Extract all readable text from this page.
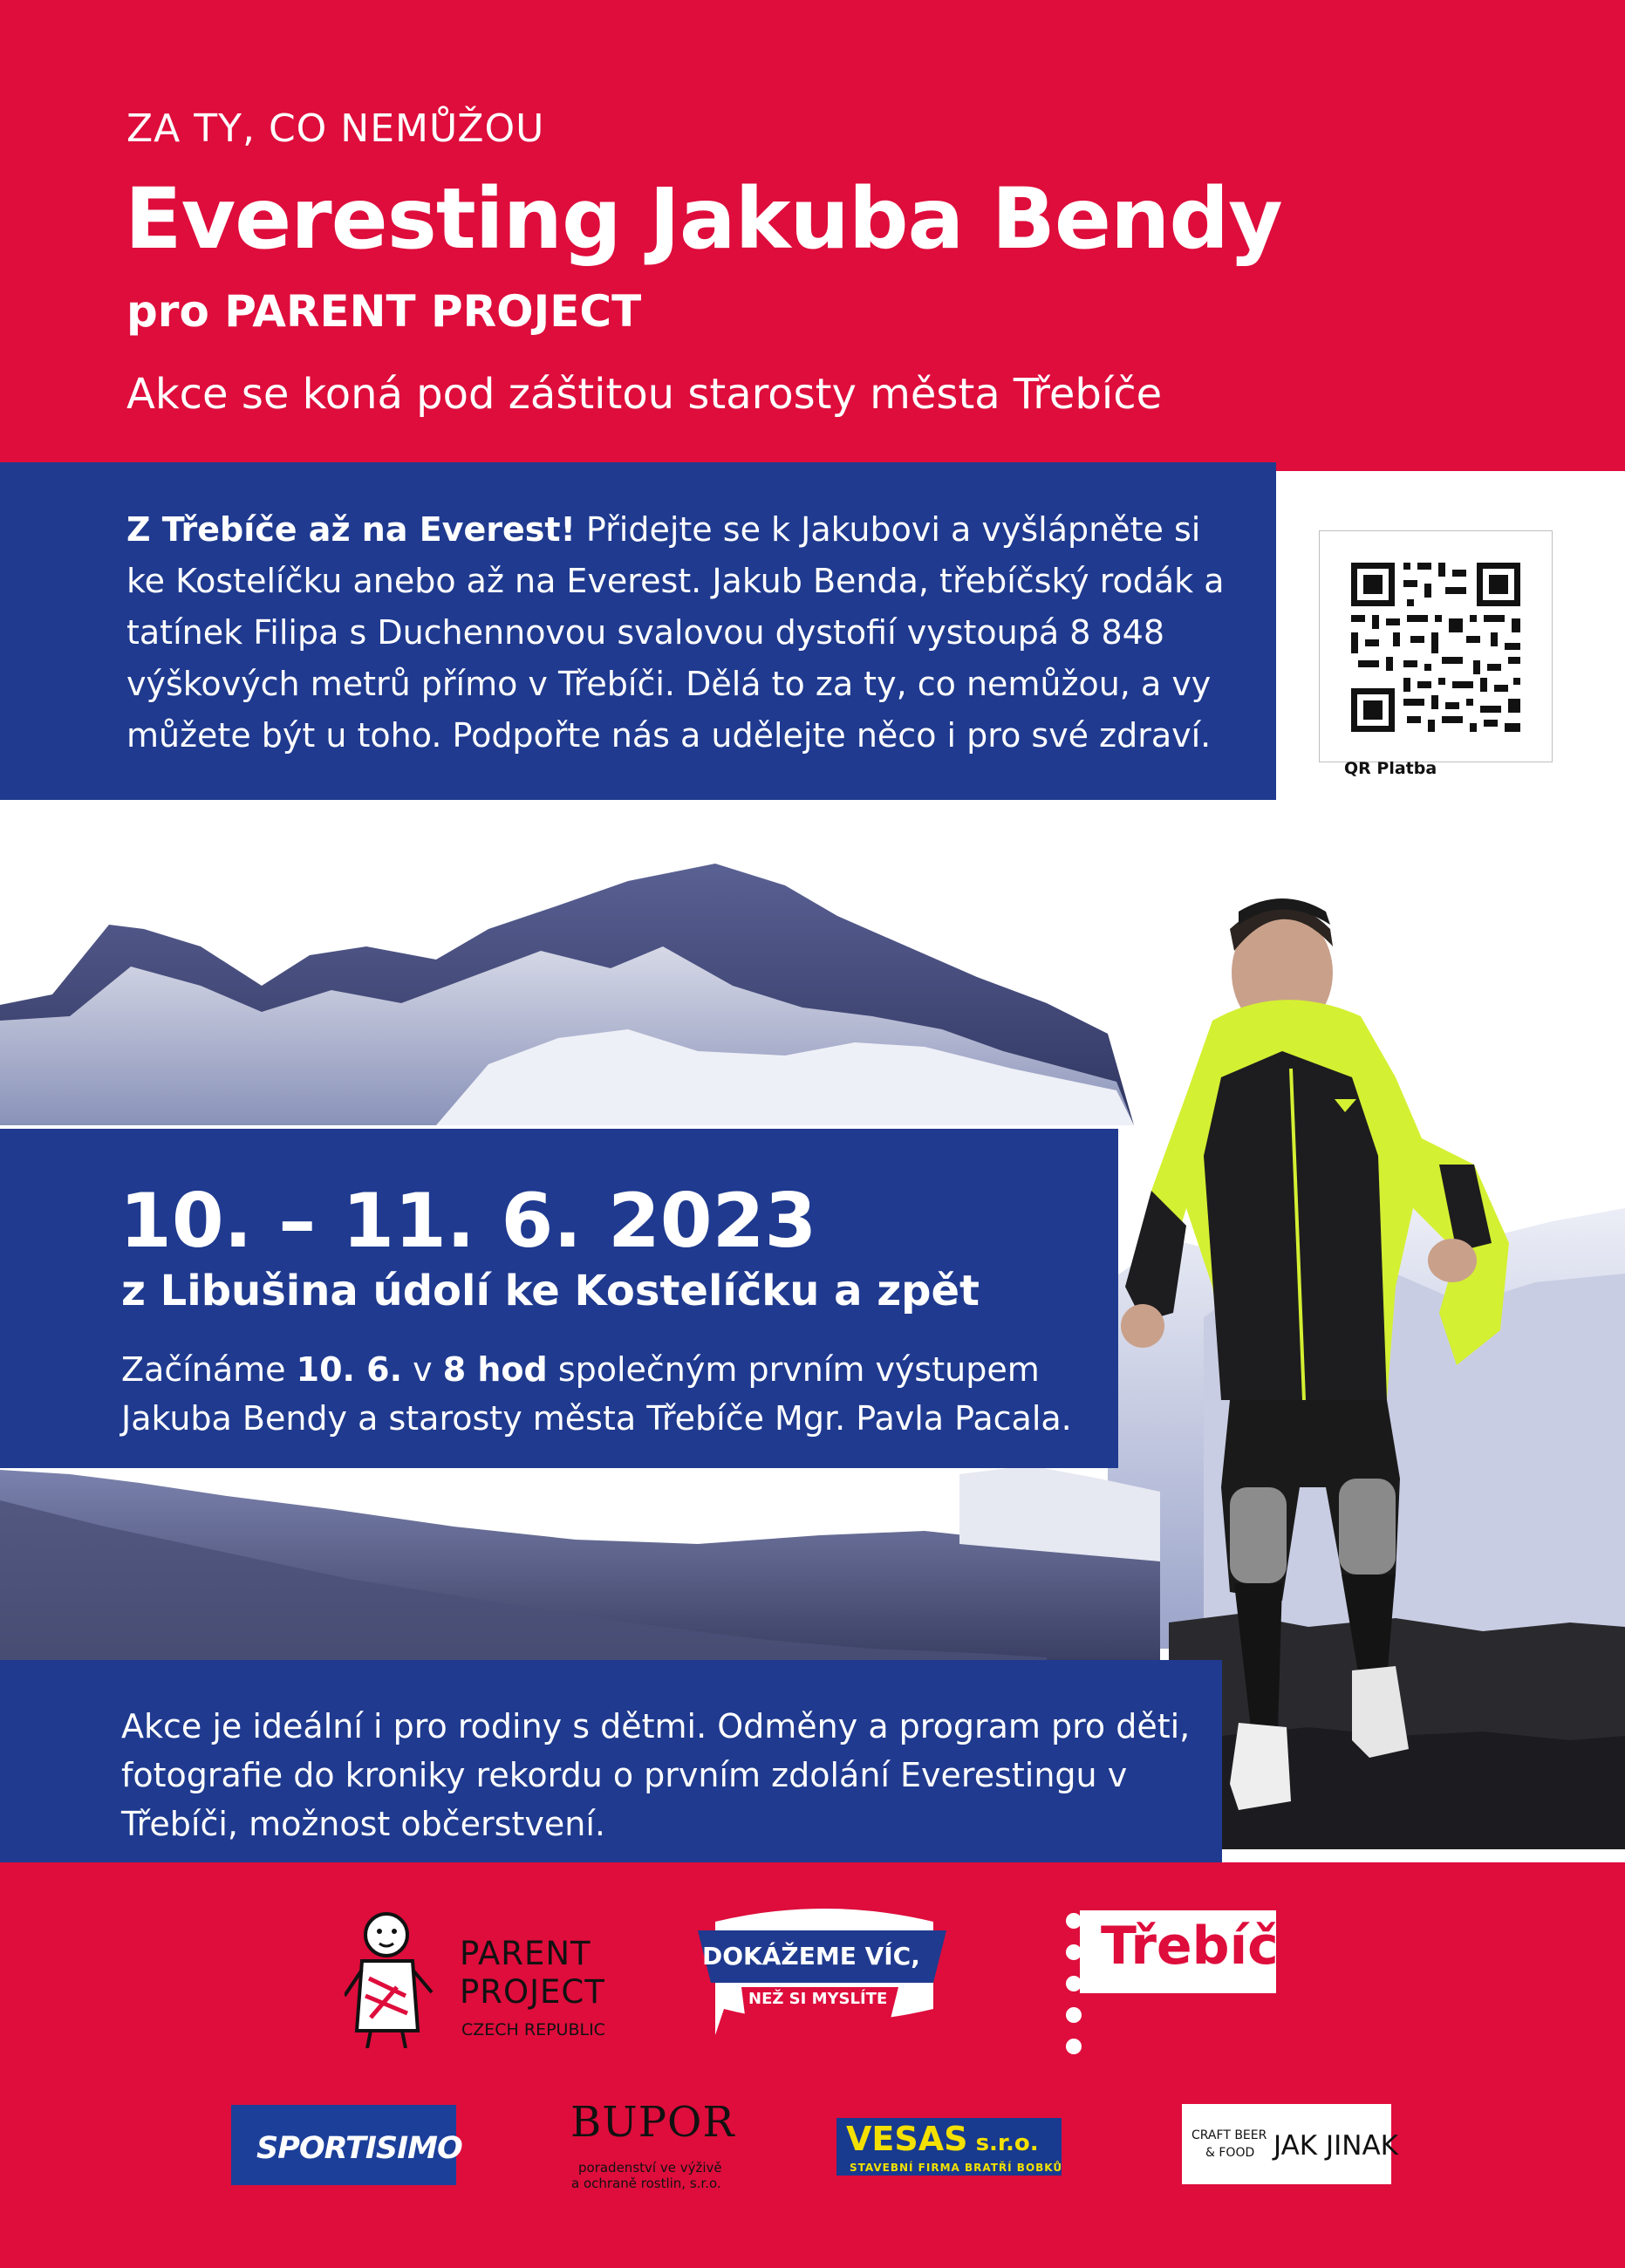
ZA TY, CO NEMŮŽOU
Everesting Jakuba Bendy
pro PARENT PROJECT
Akce se koná pod záštitou starosty města Třebíče
Z Třebíče až na Everest! Přidejte se k Jakubovi a vyšlápněte si ke Kostelíčku anebo až na Everest. Jakub Benda, třebíčský rodák a tatínek Filipa s Duchennovou svalovou dystofií vystoupá 8 848 výškových metrů přímo v Třebíči. Dělá to za ty, co nemůžou, a vy můžete být u toho. Podpořte nás a udělejte něco i pro své zdraví.
QR Platba
10. – 11. 6. 2023
z Libušina údolí ke Kostelíčku a zpět
Začínáme 10. 6. v 8 hod společným prvním výstupem Jakuba Bendy a starosty města Třebíče Mgr. Pavla Pacala.
Akce je ideální i pro rodiny s dětmi. Odměny a program pro děti, fotografie do kroniky rekordu o prvním zdolání Everestingu v Třebíči, možnost občerstvení.
PARENT
PROJECT
CZECH REPUBLIC
DOKÁŽEME VÍC,
NEŽ SI MYSLÍTE
Třebíč
SPORTISIMO
BUPOR
poradenství ve výživě
a ochraně rostlin, s.r.o.
VESAS s.r.o.
STAVEBNÍ FIRMA BRATŘÍ BOBKŮ
CRAFT BEER
& FOOD JAK JINAK
